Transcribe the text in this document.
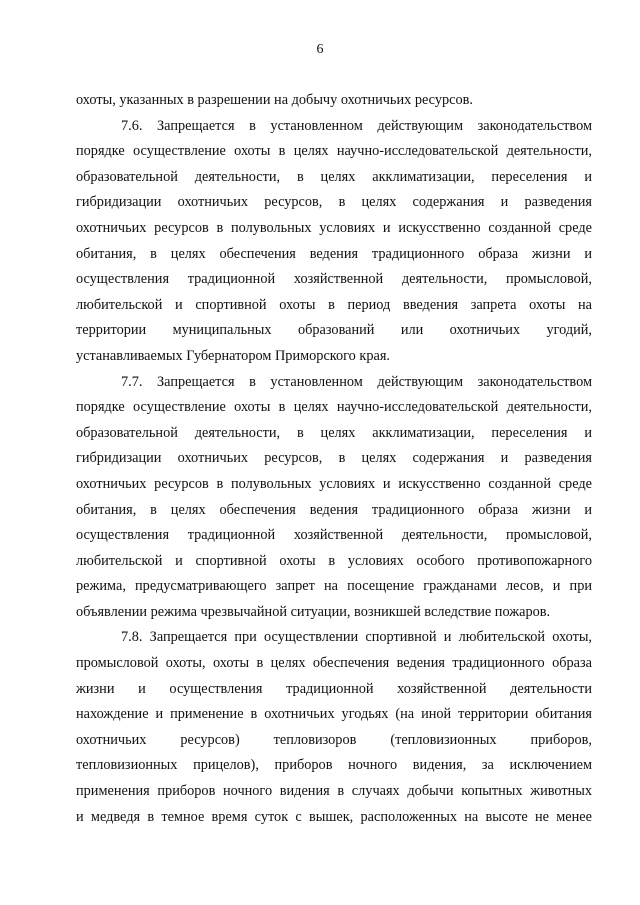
6
охоты, указанных в разрешении на добычу охотничьих ресурсов.
7.6. Запрещается в установленном действующим законодательством
порядке осуществление охоты в целях научно-исследовательской деятельности,
образовательной деятельности, в целях акклиматизации, переселения и
гибридизации охотничьих ресурсов, в целях содержания и разведения
охотничьих ресурсов в полувольных условиях и искусственно созданной среде
обитания, в целях обеспечения ведения традиционного образа жизни и
осуществления традиционной хозяйственной деятельности, промысловой,
любительской и спортивной охоты в период введения запрета охоты на
территории муниципальных образований или охотничьих угодий,
устанавливаемых Губернатором Приморского края.
7.7. Запрещается в установленном действующим законодательством
порядке осуществление охоты в целях научно-исследовательской деятельности,
образовательной деятельности, в целях акклиматизации, переселения и
гибридизации охотничьих ресурсов, в целях содержания и разведения
охотничьих ресурсов в полувольных условиях и искусственно созданной среде
обитания, в целях обеспечения ведения традиционного образа жизни и
осуществления традиционной хозяйственной деятельности, промысловой,
любительской и спортивной охоты в условиях особого противопожарного
режима, предусматривающего запрет на посещение гражданами лесов, и при
объявлении режима чрезвычайной ситуации, возникшей вследствие пожаров.
7.8. Запрещается при осуществлении спортивной и любительской охоты,
промысловой охоты, охоты в целях обеспечения ведения традиционного образа
жизни и осуществления традиционной хозяйственной деятельности
нахождение и применение в охотничьих угодьях (на иной территории обитания
охотничьих ресурсов) тепловизоров (тепловизионных приборов,
тепловизионных прицелов), приборов ночного видения, за исключением
применения приборов ночного видения в случаях добычи копытных животных
и медведя в темное время суток с вышек, расположенных на высоте не менее
